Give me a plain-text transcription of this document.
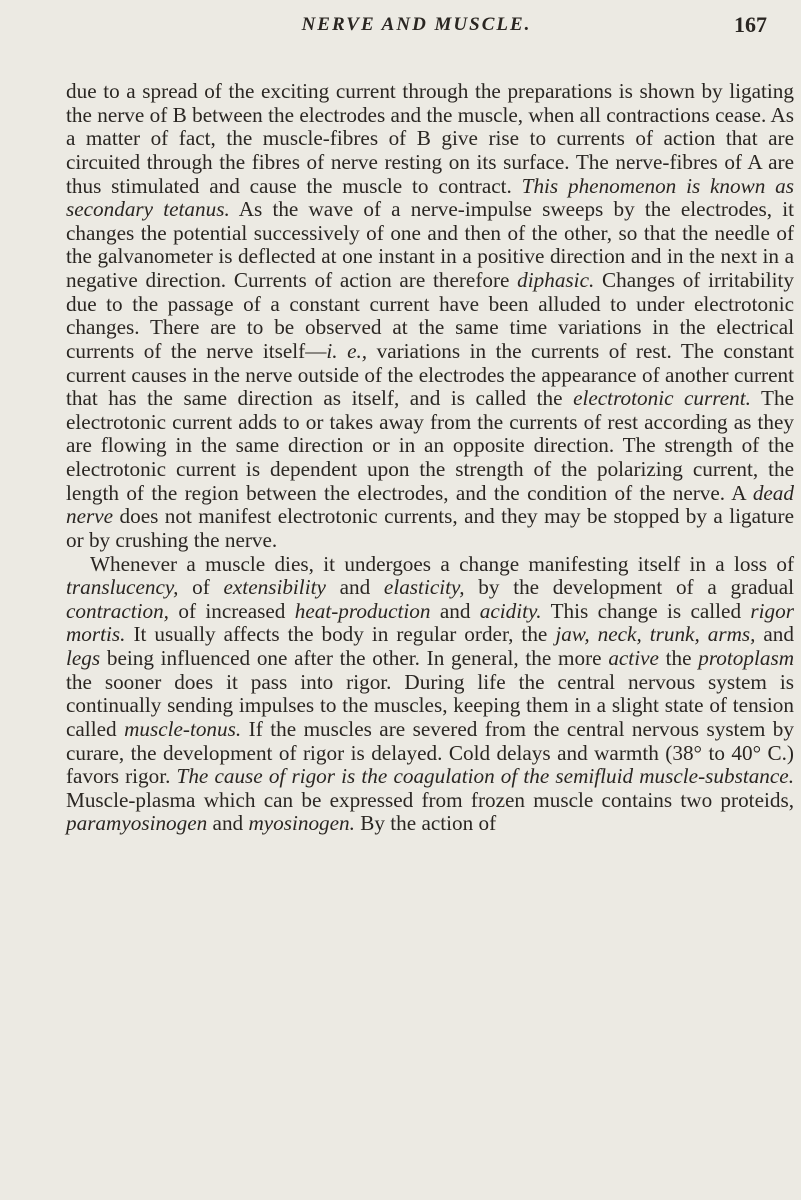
NERVE AND MUSCLE.	167

due to a spread of the exciting current through the preparations is shown by ligating the nerve of B between the electrodes and the muscle, when all contractions cease. As a matter of fact, the muscle-fibres of B give rise to currents of action that are circuited through the fibres of nerve resting on its surface. The nerve-fibres of A are thus stimulated and cause the muscle to contract. This phenomenon is known as secondary tetanus. As the wave of a nerve-impulse sweeps by the electrodes, it changes the potential successively of one and then of the other, so that the needle of the galvanometer is deflected at one instant in a positive direction and in the next in a negative direction. Currents of action are therefore diphasic. Changes of irritability due to the passage of a constant current have been alluded to under electrotonic changes. There are to be observed at the same time variations in the electrical currents of the nerve itself—i. e., variations in the currents of rest. The constant current causes in the nerve outside of the electrodes the appearance of another current that has the same direction as itself, and is called the electrotonic current. The electrotonic current adds to or takes away from the currents of rest according as they are flowing in the same direction or in an opposite direction. The strength of the electrotonic current is dependent upon the strength of the polarizing current, the length of the region between the electrodes, and the condition of the nerve. A dead nerve does not manifest electrotonic currents, and they may be stopped by a ligature or by crushing the nerve.

Whenever a muscle dies, it undergoes a change manifesting itself in a loss of translucency, of extensibility and elasticity, by the development of a gradual contraction, of increased heat-production and acidity. This change is called rigor mortis. It usually affects the body in regular order, the jaw, neck, trunk, arms, and legs being influenced one after the other. In general, the more active the protoplasm the sooner does it pass into rigor. During life the central nervous system is continually sending impulses to the muscles, keeping them in a slight state of tension called muscle-tonus. If the muscles are severed from the central nervous system by curare, the development of rigor is delayed. Cold delays and warmth (38° to 40° C.) favors rigor. The cause of rigor is the coagulation of the semifluid muscle-substance. Muscle-plasma which can be expressed from frozen muscle contains two proteids, paramyosinogen and myosinogen. By the action of
